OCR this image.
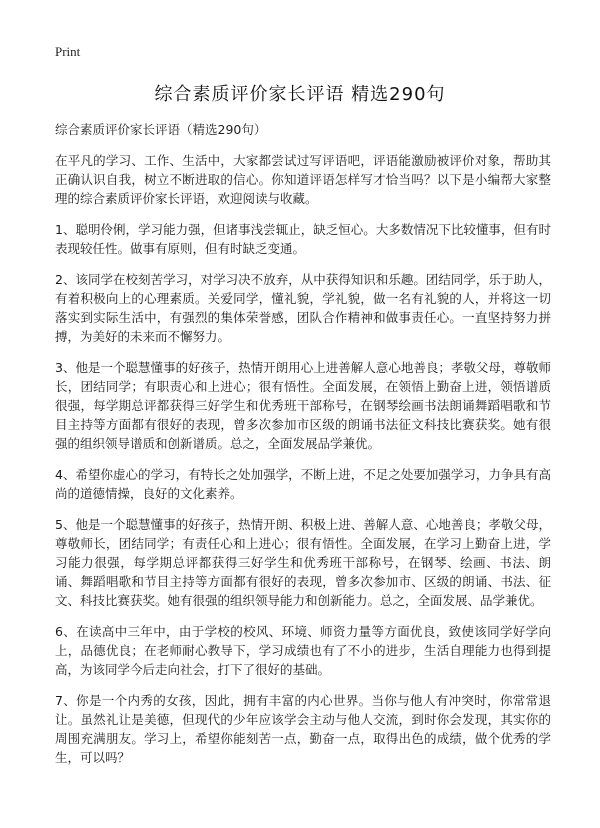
Print
综合素质评价家长评语 精选290句
综合素质评价家长评语（精选290句）

在平凡的学习、工作、生活中，大家都尝试过写评语吧，评语能激励被评价对象，帮助其正确认识自我，树立不断进取的信心。你知道评语怎样写才恰当吗？以下是小编帮大家整理的综合素质评价家长评语，欢迎阅读与收藏。

1、聪明伶俐，学习能力强，但诸事浅尝辄止，缺乏恒心。大多数情况下比较懂事，但有时表现较任性。做事有原则，但有时缺乏变通。

2、该同学在校刻苦学习，对学习决不放弃，从中获得知识和乐趣。团结同学，乐于助人，有着积极向上的心理素质。关爱同学，懂礼貌，学礼貌，做一名有礼貌的人，并将这一切落实到实际生活中，有强烈的集体荣誉感，团队合作精神和做事责任心。一直坚持努力拼搏，为美好的未来而不懈努力。

3、他是一个聪慧懂事的好孩子，热情开朗用心上进善解人意心地善良；孝敬父母，尊敬师长，团结同学；有职责心和上进心；很有悟性。全面发展，在领悟上勤奋上进，领悟谱质很强，每学期总评都获得三好学生和优秀班干部称号，在钢琴绘画书法朗诵舞蹈唱歌和节目主持等方面都有很好的表现，曾多次参加市区级的朗诵书法征文科技比赛获奖。她有很强的组织领导谱质和创新谱质。总之，全面发展品学兼优。

4、希望你虚心的学习，有特长之处加强学，不断上进，不足之处要加强学习，力争具有高尚的道德情操，良好的文化素养。

5、他是一个聪慧懂事的好孩子，热情开朗、积极上进、善解人意、心地善良；孝敬父母，尊敬师长，团结同学；有责任心和上进心；很有悟性。全面发展，在学习上勤奋上进，学习能力很强，每学期总评都获得三好学生和优秀班干部称号，在钢琴、绘画、书法、朗诵、舞蹈唱歌和节目主持等方面都有很好的表现，曾多次参加市、区级的朗诵、书法、征文、科技比赛获奖。她有很强的组织领导能力和创新能力。总之，全面发展、品学兼优。

6、在读高中三年中，由于学校的校风、环境、师资力量等方面优良，致使该同学好学向上，品德优良；在老师耐心教导下，学习成绩也有了不小的进步，生活自理能力也得到提高，为该同学今后走向社会，打下了很好的基础。

7、你是一个内秀的女孩，因此，拥有丰富的内心世界。当你与他人有冲突时，你常常退让。虽然礼让是美德，但现代的少年应该学会主动与他人交流，到时你会发现，其实你的周围充满朋友。学习上，希望你能刻苦一点，勤奋一点，取得出色的成绩，做个优秀的学生，可以吗？
